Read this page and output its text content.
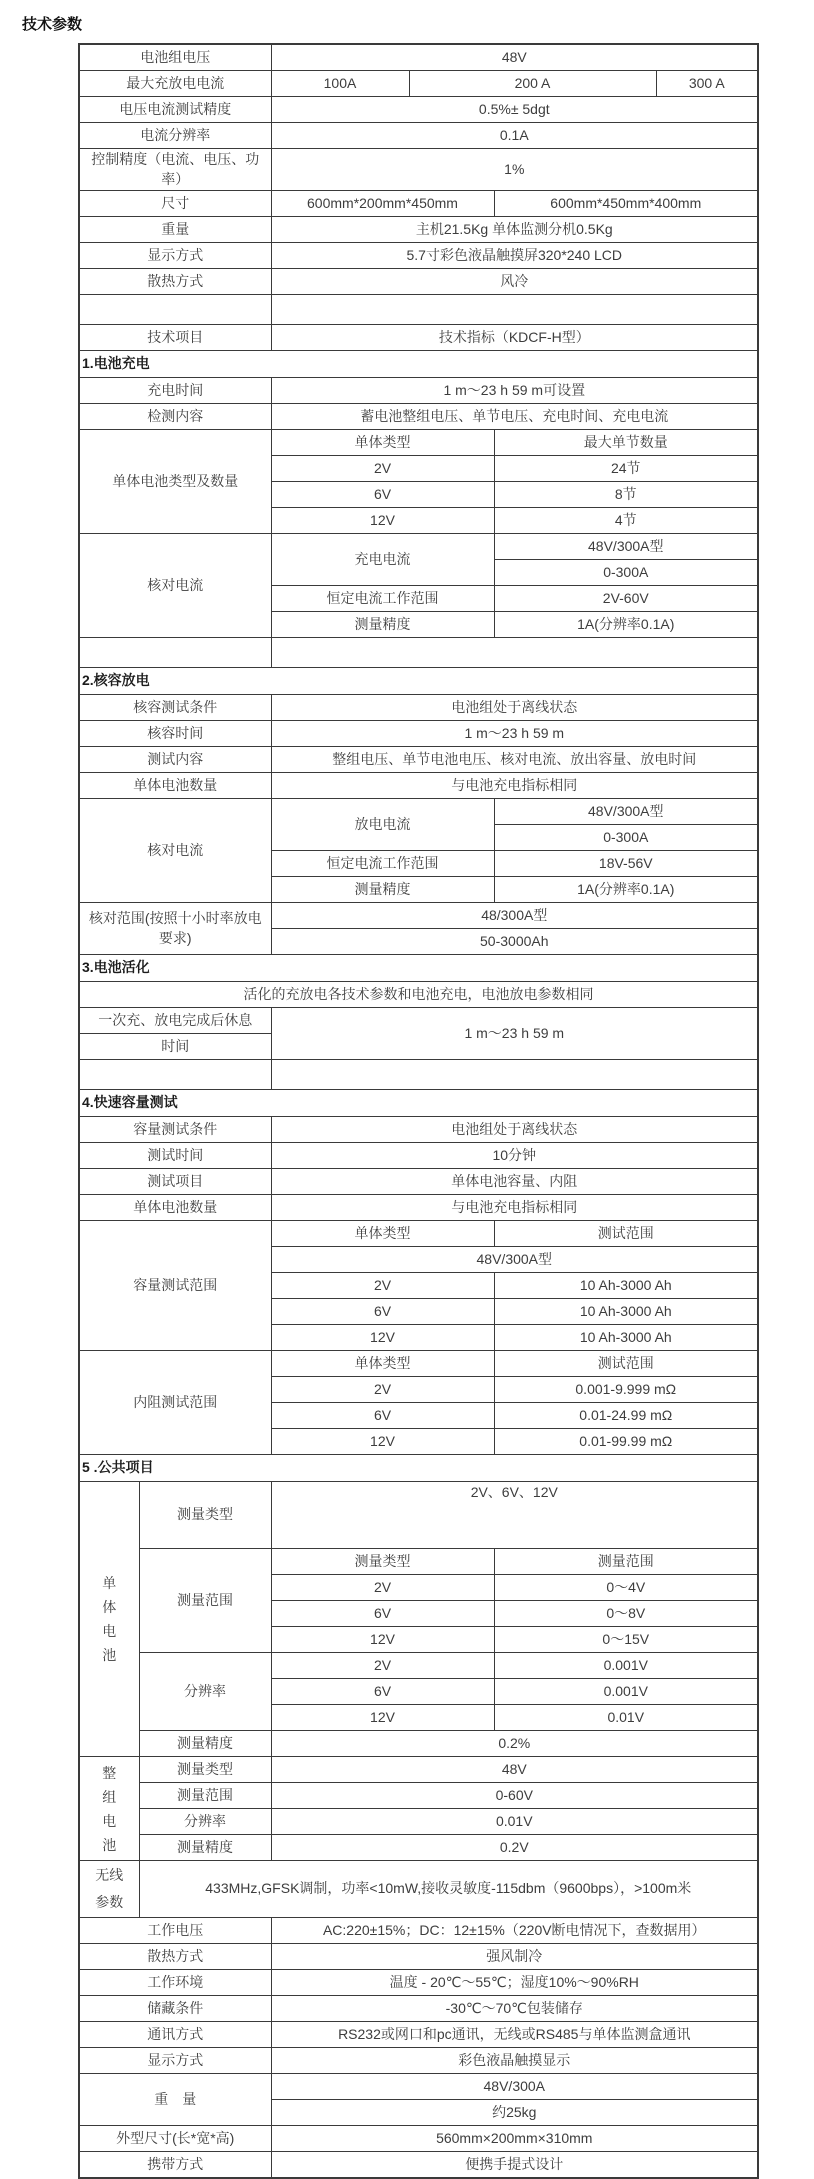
技术参数
电池组电压		48V			
最大充放电电流		100A	200 A		300 A
电压电流测试精度		0.5%± 5dgt			
电流分辨率		0.1A			
控制精度（电流、电压、功率）		1%			
尺寸		600mm*200mm*450mm		600mm*450mm*400mm	
重量		主机21.5Kg 单体监测分机0.5Kg			
显示方式		5.7寸彩色液晶触摸屏320*240 LCD			
散热方式		风冷			

技术项目		技术指标（KDCF-H型）			
1.电池充电					
充电时间		1 m～23 h 59 m可设置			
检测内容		蓄电池整组电压、单节电压、充电时间、充电电流			
单体电池类型及数量		单体类型		最大单节数量	
		2V		24节	
		6V		8节	
		12V		4节	
核对电流		充电电流		48V/300A型	
				0-300A	
		恒定电流工作范围		2V-60V	
		测量精度		1A(分辨率0.1A)	

2.核容放电					
核容测试条件		电池组处于离线状态			
核容时间		1 m～23 h 59 m			
测试内容		整组电压、单节电池电压、核对电流、放出容量、放电时间			
单体电池数量		与电池充电指标相同			
核对电流		放电电流		48V/300A型	
				0-300A	
		恒定电流工作范围		18V-56V	
		测量精度		1A(分辨率0.1A)	
核对范围(按照十小时率放电要求)		48/300A型			
		50-3000Ah			
3.电池活化					
活化的充放电各技术参数和电池充电，电池放电参数相同					
一次充、放电完成后休息		1 m～23 h 59 m			
时间					

4.快速容量测试					
容量测试条件		电池组处于离线状态			
测试时间		10分钟			
测试项目		单体电池容量、内阻			
单体电池数量		与电池充电指标相同			
容量测试范围		单体类型		测试范围	
		48V/300A型			
		2V		10 Ah-3000 Ah	
		6V		10 Ah-3000 Ah	
		12V		10 Ah-3000 Ah	
内阻测试范围		单体类型		测试范围	
		2V		0.001-9.999 mΩ	
		6V		0.01-24.99 mΩ	
		12V		0.01-99.99 mΩ	
5 .公共项目					
单体电池	测量类型	2V、6V、12V			
	测量范围	测量类型		测量范围	
		2V		0～4V	
		6V		0～8V	
		12V		0～15V	
	分辨率	2V		0.001V	
		6V		0.001V	
		12V		0.01V	
	测量精度	0.2%			
整组电池	测量类型	48V			
	测量范围	0-60V			
	分辨率	0.01V			
	测量精度	0.2V			
无线参数	433MHz,GFSK调制，功率<10mW,接收灵敏度-115dbm（9600bps），>100m米				
工作电压		AC:220±15%；DC：12±15%（220V断电情况下，查数据用）			
散热方式		强风制冷			
工作环境		温度 - 20℃～55℃；湿度10%～90%RH			
储藏条件		-30℃～70℃包装储存			
通讯方式		RS232或网口和pc通讯，无线或RS485与单体监测盒通讯			
显示方式		彩色液晶触摸显示			
重　量		48V/300A			
		约25kg			
外型尺寸(长*宽*高)		560mm×200mm×310mm			
携带方式		便携手提式设计			
